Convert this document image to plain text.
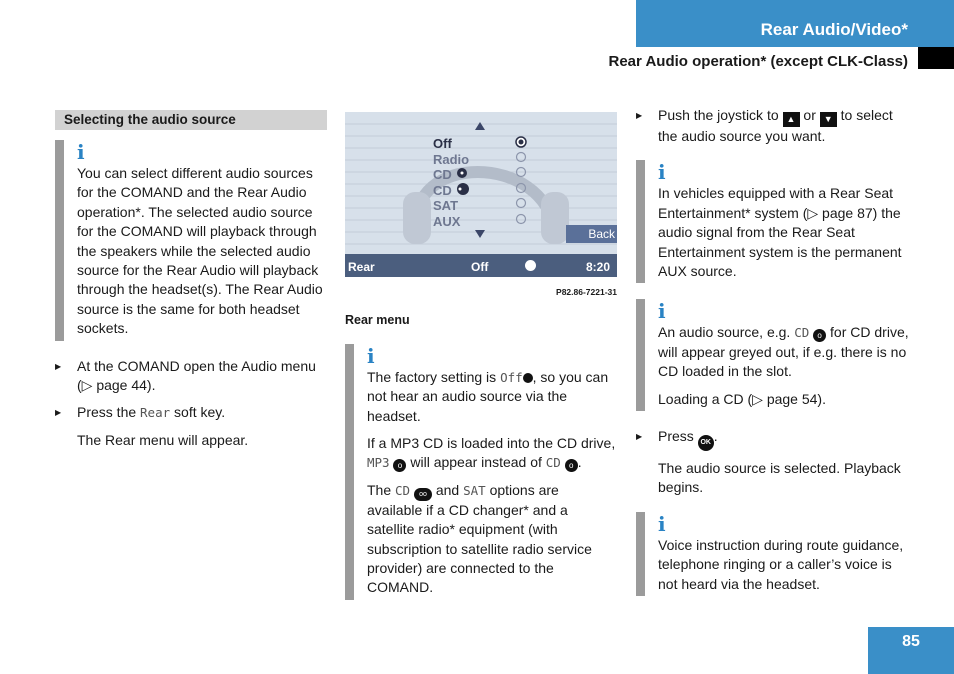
Rear Audio/Video*
Rear Audio operation* (except CLK-Class)
Selecting the audio source
i

You can select different audio sources for the COMAND and the Rear Audio operation*. The selected audio source for the COMAND will playback through the speakers while the selected audio source for the Rear Audio will playback through the headset(s). The Rear Audio source is the same for both headset sockets.

▶ At the COMAND open the Audio menu (▷ page 44).

▶ Press the Rear soft key.

The Rear menu will appear.

Off
Radio
CD
CD
SAT
AUX
Back
Rear	Off	8:20
P82.86-7221-31
Rear menu
i

The factory setting is Off , so you can not hear an audio source via the headset.

If a MP3 CD is loaded into the CD drive, MP3 o will appear instead of CD o .

The CD oo and SAT options are available if a CD changer* and a satellite radio* equipment (with subscription to satellite radio service provider) are connected to the COMAND.

▶ Push the joystick to ▲ or ▼ to select the audio source you want.

i

In vehicles equipped with a Rear Seat Entertainment* system (▷ page 87) the audio signal from the Rear Seat Entertainment system is the permanent AUX source.

i

An audio source, e.g. CD o for CD drive, will appear greyed out, if e.g. there is no CD loaded in the slot.

Loading a CD (▷ page 54).

▶ Press OK .

The audio source is selected. Playback begins.

i

Voice instruction during route guidance, telephone ringing or a caller’s voice is not heard via the headset.

85
